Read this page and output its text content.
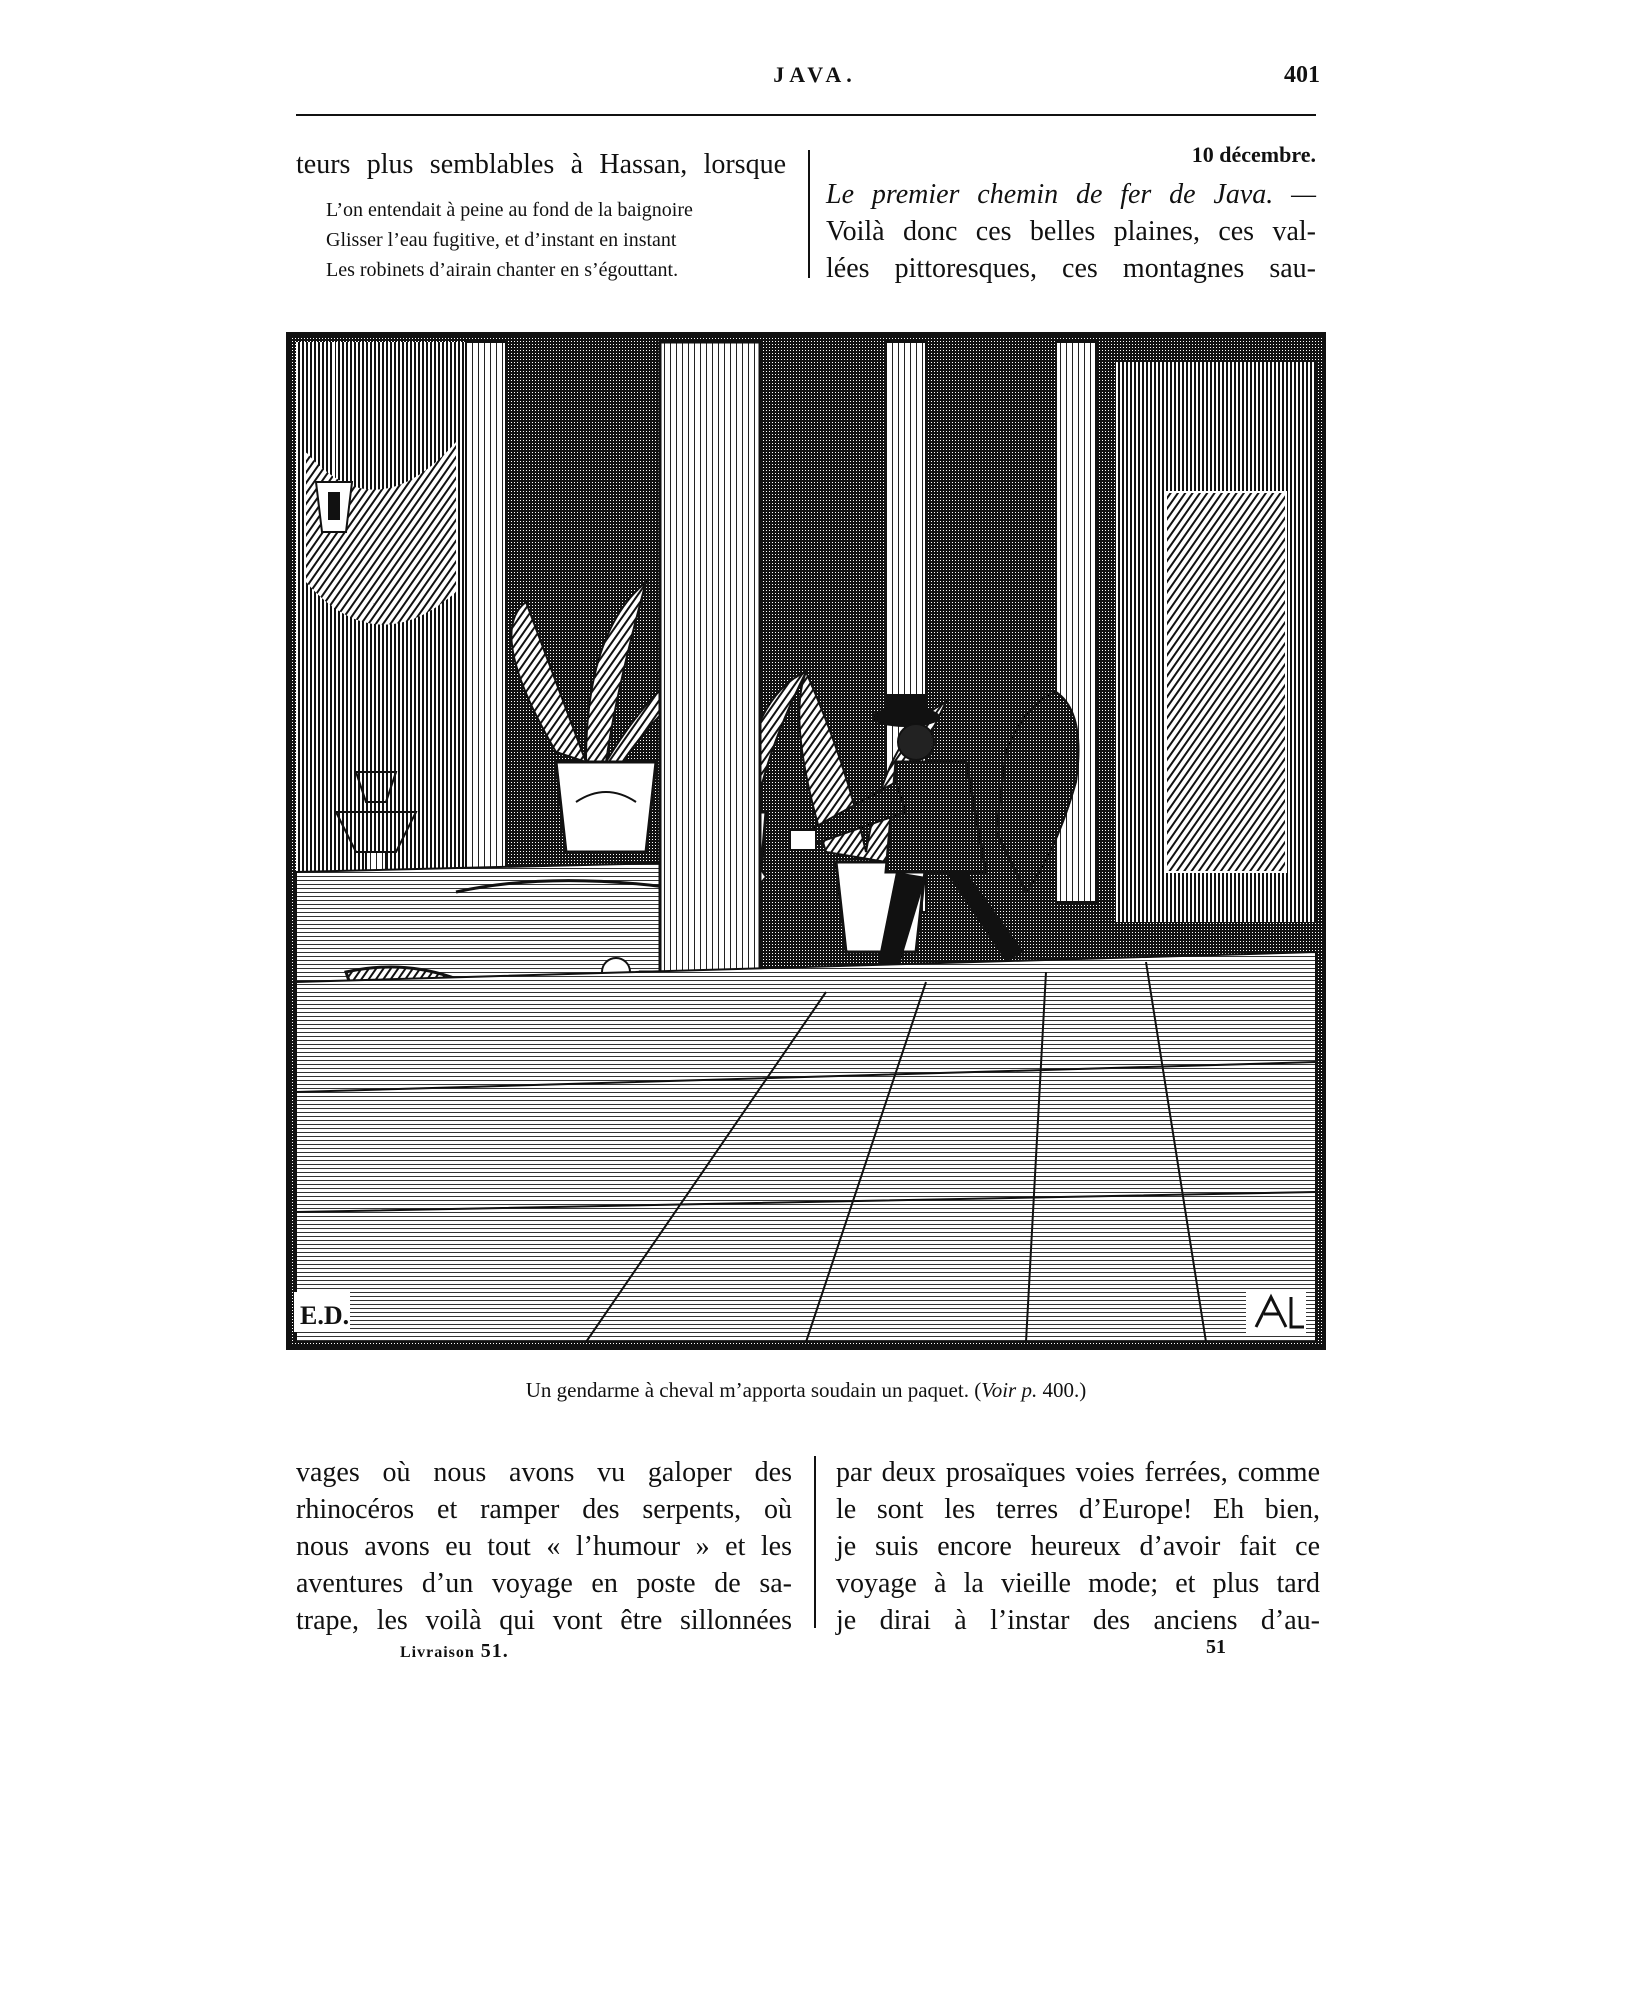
JAVA.	401
teurs plus semblables à Hassan, lorsque
L’on entendait à peine au fond de la baignoire
Glisser l’eau fugitive, et d’instant en instant
Les robinets d’airain chanter en s’égouttant.
10 décembre.
Le premier chemin de fer de Java. —
Voilà donc ces belles plaines, ces val-
lées pittoresques, ces montagnes sau-
E.D.
Un gendarme à cheval m’apporta soudain un paquet. (Voir p. 400.)
vages où nous avons vu galoper des
rhinocéros et ramper des serpents, où
nous avons eu tout « l’humour » et les
aventures d’un voyage en poste de sa-
trape, les voilà qui vont être sillonnées
par deux prosaïques voies ferrées, comme
le sont les terres d’Europe! Eh bien,
je suis encore heureux d’avoir fait ce
voyage à la vieille mode; et plus tard
je dirai à l’instar des anciens d’au-
Livraison 51.	51
